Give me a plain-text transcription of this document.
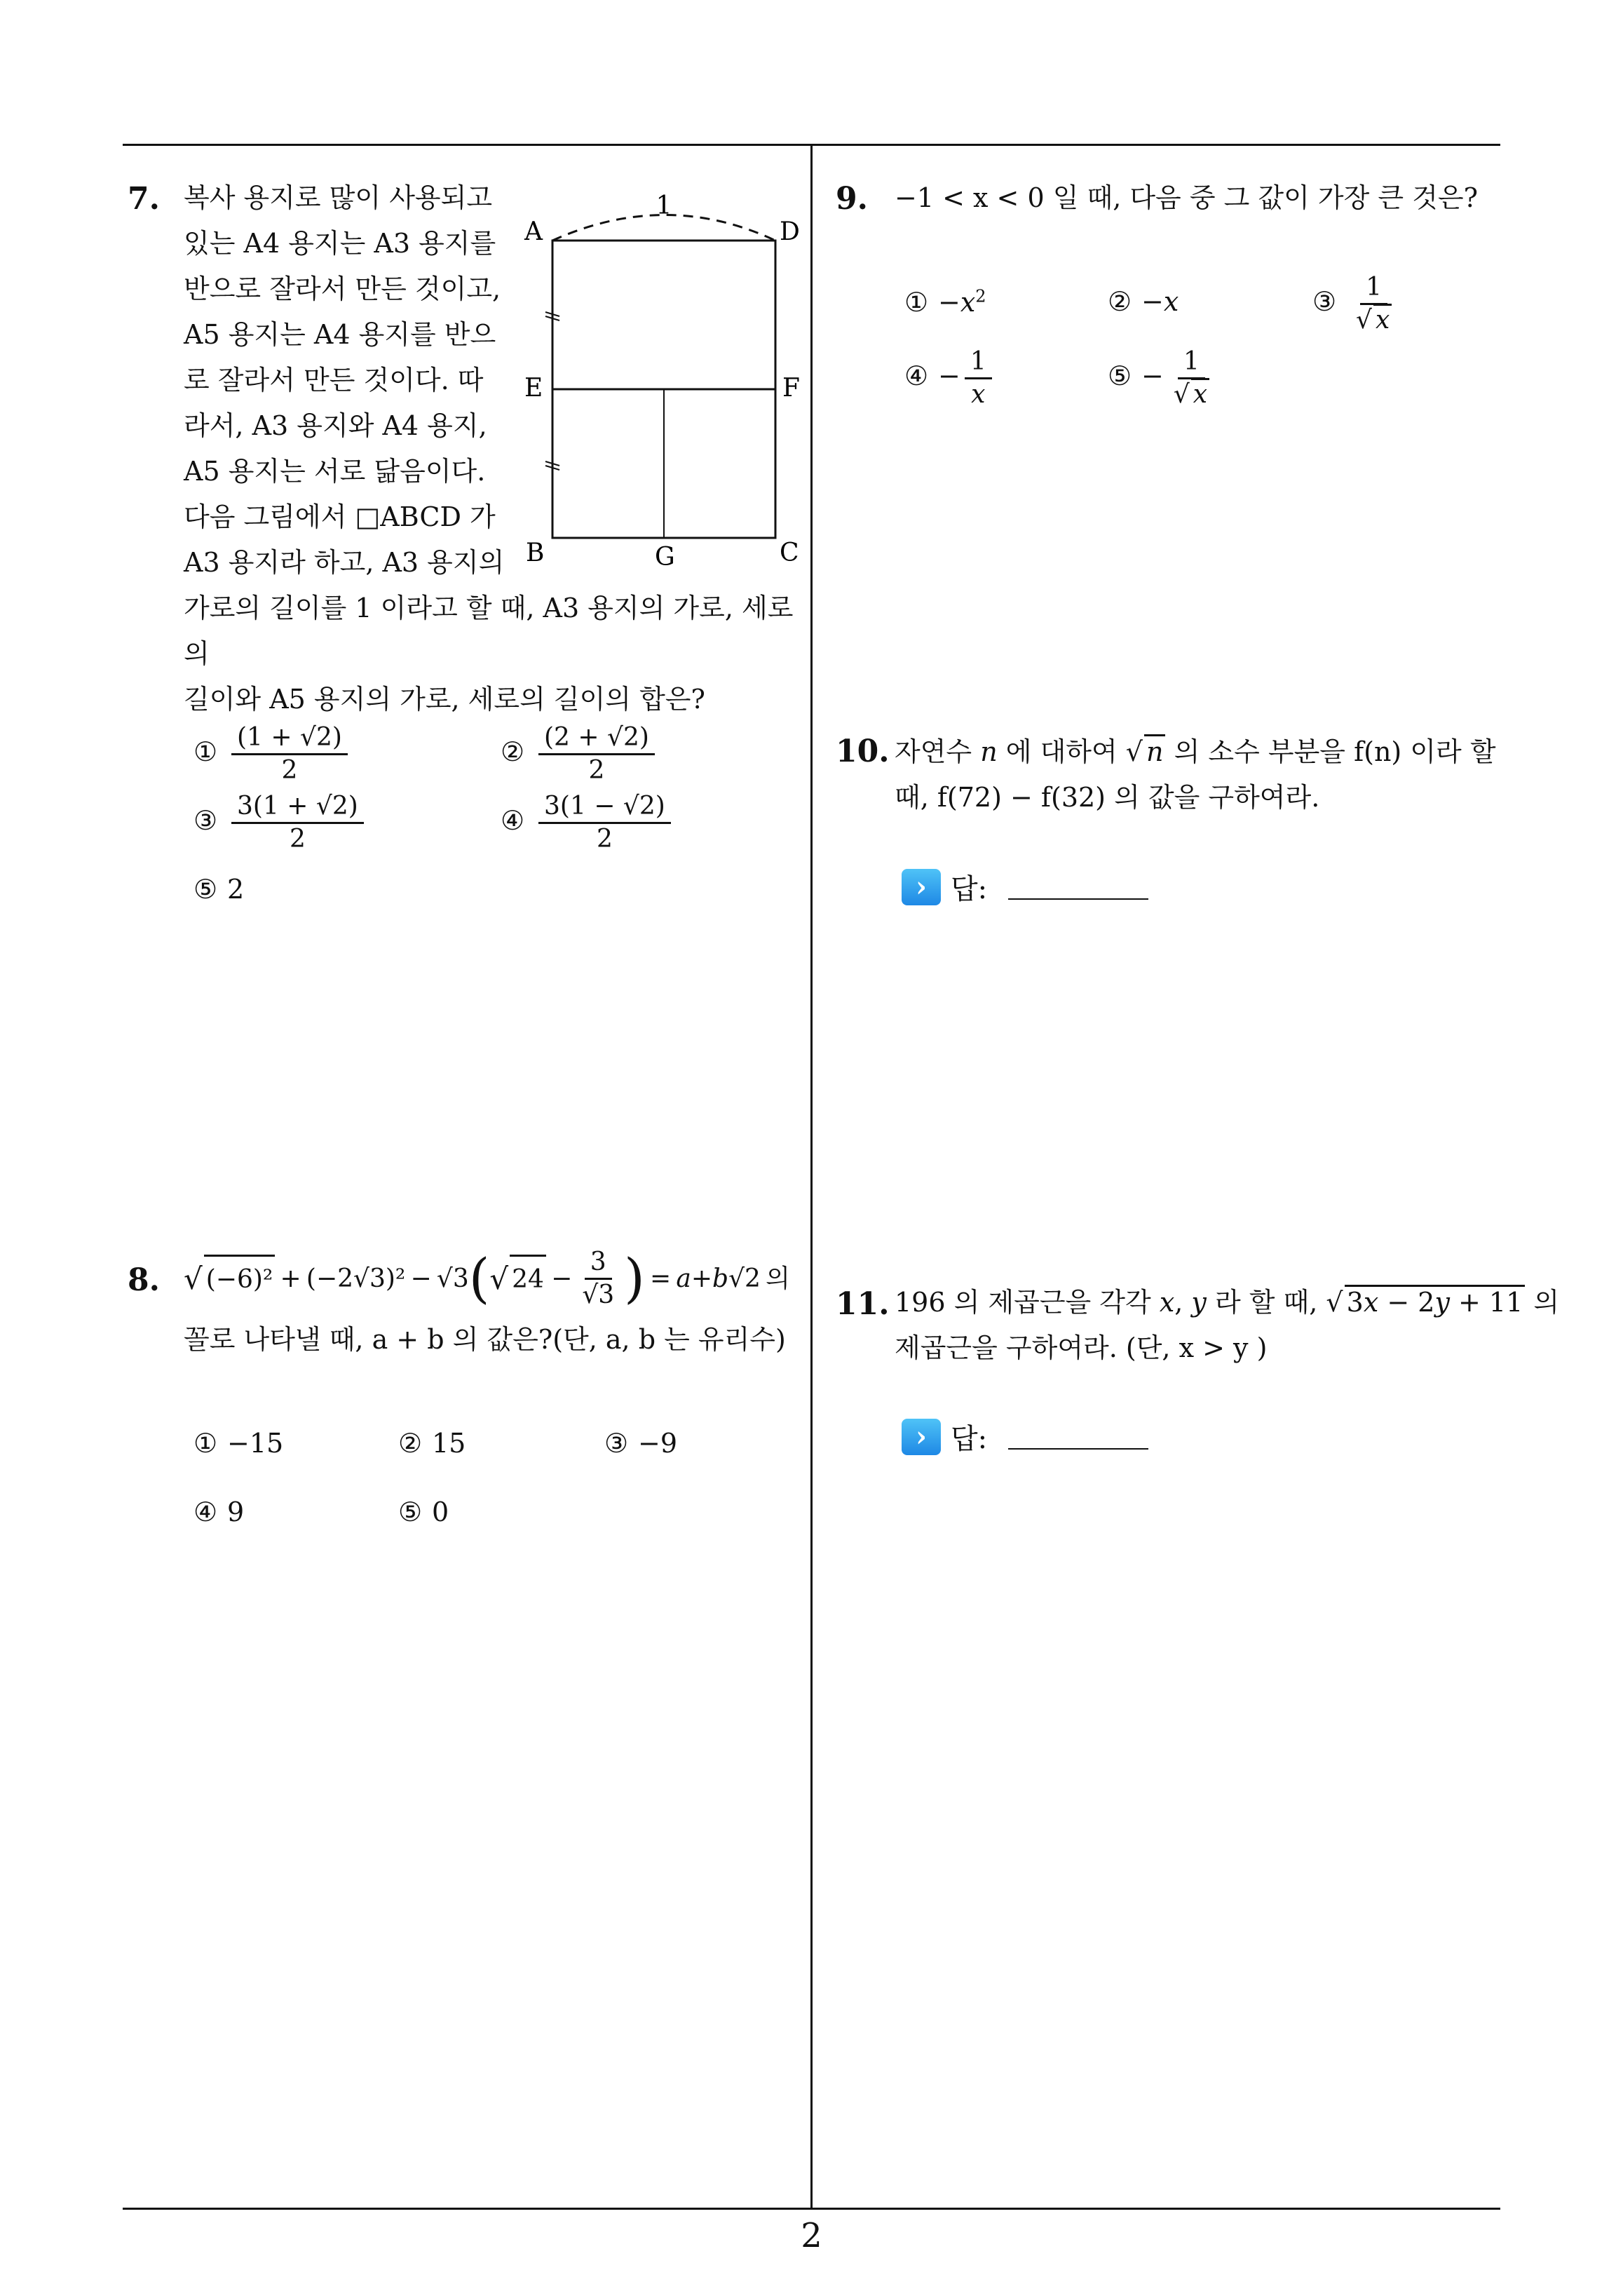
7. 복사 용지로 많이 사용되고
있는 A4 용지는 A3 용지를
반으로 잘라서 만든 것이고,
A5 용지는 A4 용지를 반으
로 잘라서 만든 것이다. 따
라서, A3 용지와 A4 용지,
A5 용지는 서로 닮음이다.
다음 그림에서 □ABCD 가
A3 용지라 하고, A3 용지의
가로의 길이를 1 이라고 할 때, A3 용지의 가로, 세로의
길이와 A5 용지의 가로, 세로의 길이의 합은?
1
A	D
E	F
B	G	C
① $\frac{(1 + √2)}{2}$	② $\frac{(2 + √2)}{2}$
③ $\frac{3(1 + √2)}{2}$	④ $\frac{3(1 - √2)}{2}$
⑤ 2
8. √ (−6)²  + (−2√3)² − √3 ( √ $24 - \frac{3}{√3}$ )  =  a + b √2 의
꼴로 나타낼 때, a + b 의 값은?(단, a, b 는 유리수)
① −15	② 15	③ −9
④ 9	⑤ 0
9. −1 < x < 0 일 때, 다음 중 그 값이 가장 큰 것은?
① $-x^2$	② −x	③ $\frac{1}{√ x}$
④ − $\frac{1}{x}$	⑤ − $\frac{1}{√ x}$
10. 자연수 n 에 대하여 √ n 의 소수 부분을 f(n) 이라 할
때, f(72) − f(32) 의 값을 구하여라.
› 답:
11. 196 의 제곱근을 각각 x, y 라 할 때, √ 3x − 2y + 11 의
제곱근을 구하여라. (단, x > y )
› 답:
2
